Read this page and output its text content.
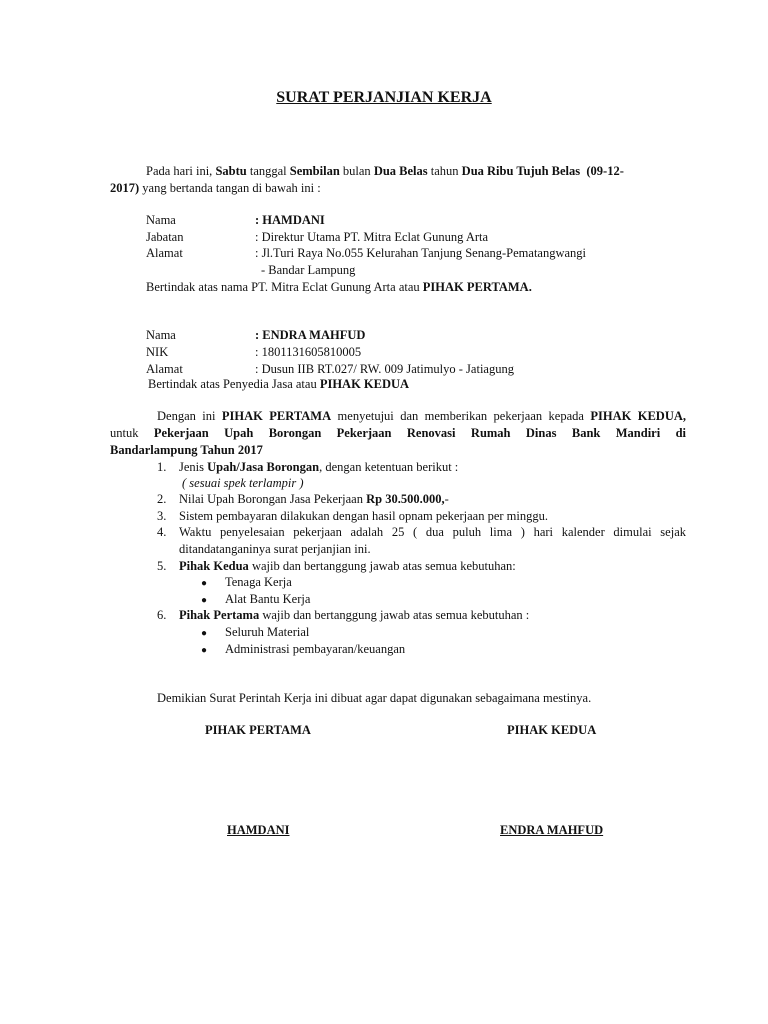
SURAT PERJANJIAN KERJA
Pada hari ini, Sabtu tanggal Sembilan bulan Dua Belas tahun Dua Ribu Tujuh Belas (09-12-
2017) yang bertanda tangan di bawah ini :
Nama	: HAMDANI
Jabatan	: Direktur Utama PT. Mitra Eclat Gunung Arta
Alamat	: Jl.Turi Raya No.055 Kelurahan Tanjung Senang-Pematangwangi
- Bandar Lampung
Bertindak atas nama PT. Mitra Eclat Gunung Arta atau PIHAK PERTAMA.
Nama	: ENDRA MAHFUD
NIK	: 1801131605810005
Alamat	: Dusun IIB RT.027/ RW. 009 Jatimulyo - Jatiagung
Bertindak atas Penyedia Jasa atau PIHAK KEDUA
Dengan ini PIHAK PERTAMA menyetujui dan memberikan pekerjaan kepada PIHAK KEDUA,
untuk Pekerjaan Upah Borongan Pekerjaan Renovasi Rumah Dinas Bank Mandiri di
Bandarlampung Tahun 2017
1. Jenis Upah/Jasa Borongan, dengan ketentuan berikut :
( sesuai spek terlampir )
2. Nilai Upah Borongan Jasa Pekerjaan Rp 30.500.000,-
3. Sistem pembayaran dilakukan dengan hasil opnam pekerjaan per minggu.
4. Waktu penyelesaian pekerjaan adalah 25 ( dua puluh lima ) hari kalender dimulai sejak
ditandatanganinya surat perjanjian ini.
5. Pihak Kedua wajib dan bertanggung jawab atas semua kebutuhan:
● Tenaga Kerja
● Alat Bantu Kerja
6. Pihak Pertama wajib dan bertanggung jawab atas semua kebutuhan :
● Seluruh Material
● Administrasi pembayaran/keuangan
Demikian Surat Perintah Kerja ini dibuat agar dapat digunakan sebagaimana mestinya.
PIHAK PERTAMA	PIHAK KEDUA
HAMDANI	ENDRA MAHFUD
